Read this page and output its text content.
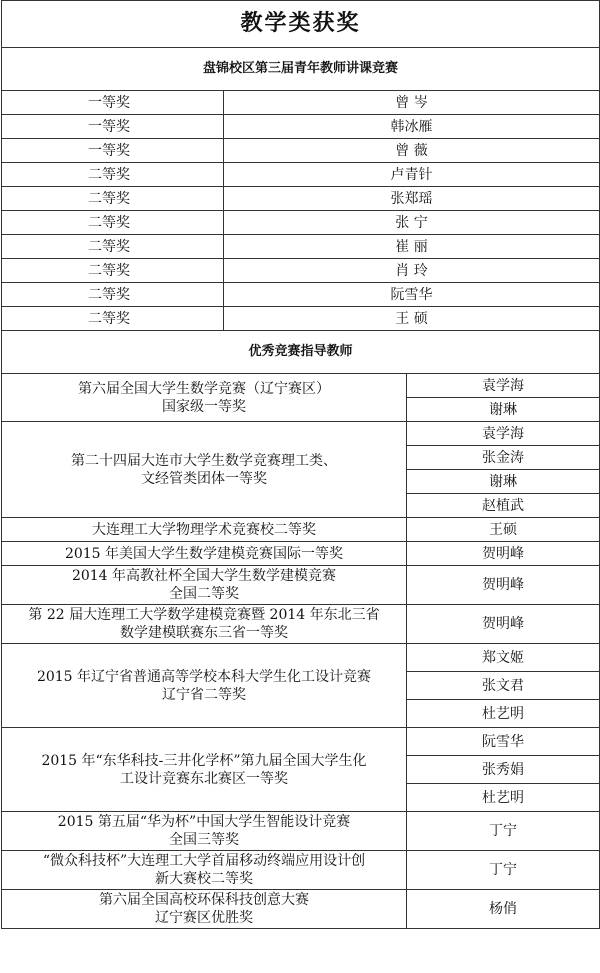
教学类获奖		
盘锦校区第三届青年教师讲课竞赛		
一等奖	曾 岑	
一等奖	韩冰雁	
一等奖	曾 薇	
二等奖	卢青针	
二等奖	张郑瑶	
二等奖	张 宁	
二等奖	崔 丽	
二等奖	肖 玲	
二等奖	阮雪华	
二等奖	王 硕	
优秀竞赛指导教师		
第六届全国大学生数学竞赛（辽宁赛区）
国家级一等奖		袁学海
		谢琳
第二十四届大连市大学生数学竞赛理工类、
文经管类团体一等奖		袁学海
		张金涛
		谢琳
		赵植武
大连理工大学物理学术竞赛校二等奖		王硕
2015 年美国大学生数学建模竞赛国际一等奖		贺明峰
2014 年高教社杯全国大学生数学建模竞赛
全国二等奖		贺明峰
第 22 届大连理工大学数学建模竞赛暨 2014 年东北三省
数学建模联赛东三省一等奖		贺明峰
2015 年辽宁省普通高等学校本科大学生化工设计竞赛
辽宁省二等奖		郑文姬
		张文君
		杜艺明
2015 年“东华科技-三井化学杯”第九届全国大学生化
工设计竞赛东北赛区一等奖		阮雪华
		张秀娟
		杜艺明
2015 第五届“华为杯”中国大学生智能设计竞赛
全国三等奖		丁宁
“微众科技杯”大连理工大学首届移动终端应用设计创
新大赛校二等奖		丁宁
第六届全国高校环保科技创意大赛
辽宁赛区优胜奖		杨俏
